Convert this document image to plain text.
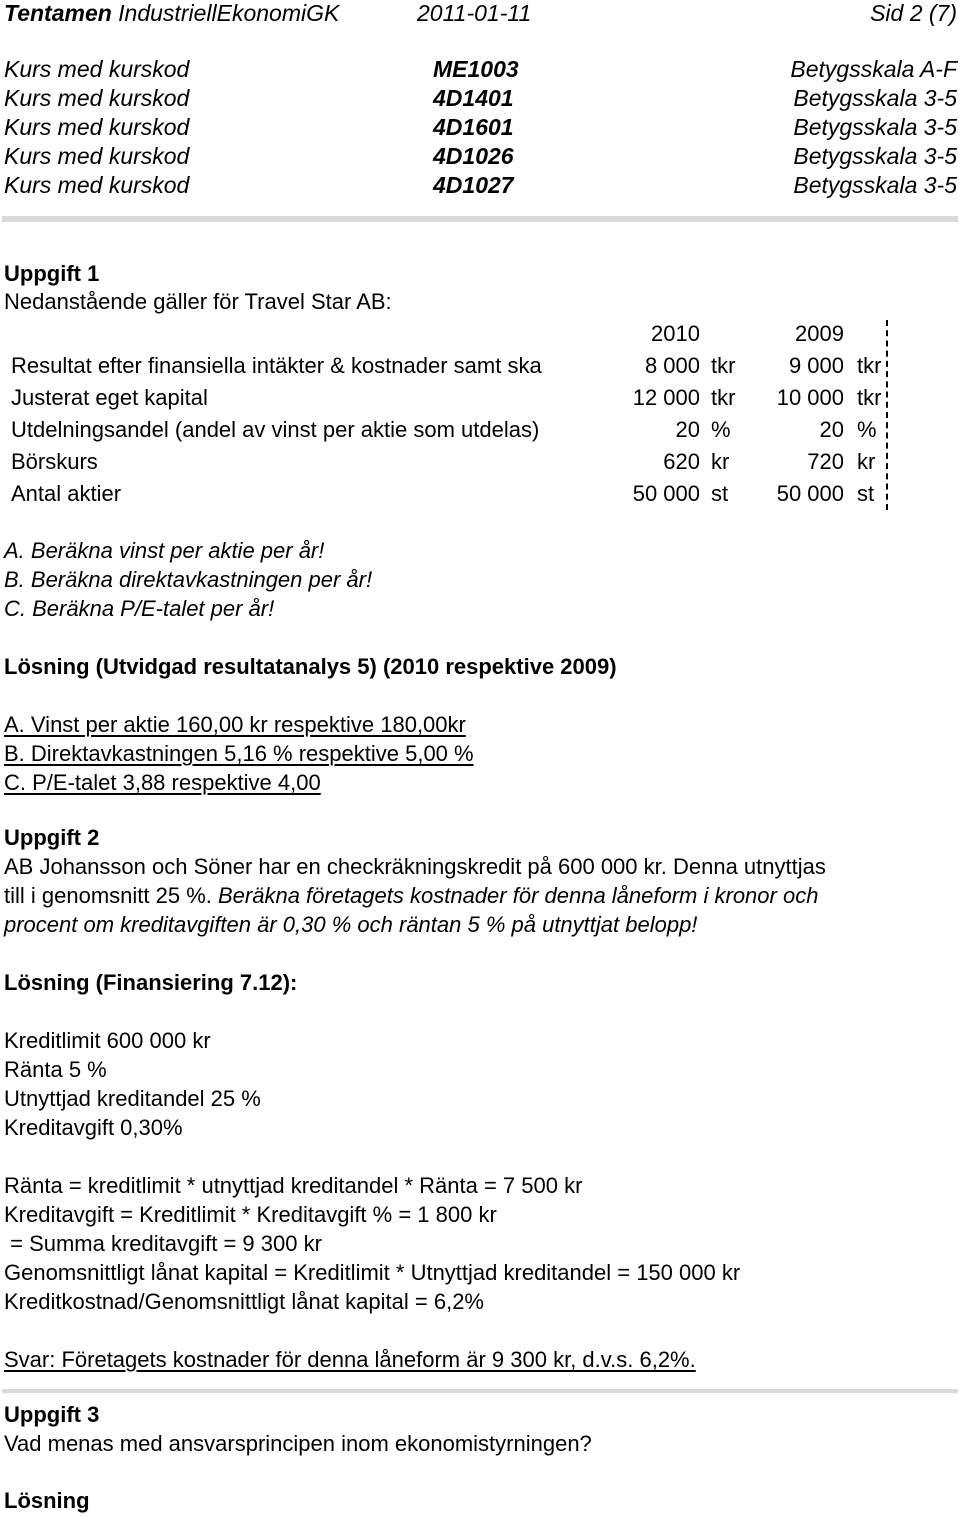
Tentamen IndustriellEkonomiGK	2011-01-11	Sid 2 (7)
Kurs med kurskod	ME1003	Betygsskala A-F
Kurs med kurskod	4D1401	Betygsskala 3-5
Kurs med kurskod	4D1601	Betygsskala 3-5
Kurs med kurskod	4D1026	Betygsskala 3-5
Kurs med kurskod	4D1027	Betygsskala 3-5
Uppgift 1
Nedanstående gäller för Travel Star AB:
2010	2009
Resultat efter finansiella intäkter & kostnader samt ska	8 000 tkr 9 000 tkr
Justerat eget kapital	12 000 tkr 10 000 tkr
Utdelningsandel (andel av vinst per aktie som utdelas)	20 %	20 %
Börskurs	620 kr	720 kr
Antal aktier	50 000 st 50 000 st
A. Beräkna vinst per aktie per år!
B. Beräkna direktavkastningen per år!
C. Beräkna P/E-talet per år!
Lösning (Utvidgad resultatanalys 5) (2010 respektive 2009)
A. Vinst per aktie 160,00 kr respektive 180,00kr
B. Direktavkastningen 5,16 % respektive 5,00 %
C. P/E-talet 3,88 respektive 4,00
Uppgift 2
AB Johansson och Söner har en checkräkningskredit på 600 000 kr. Denna utnyttjas
till i genomsnitt 25 %. Beräkna företagets kostnader för denna låneform i kronor och
procent om kreditavgiften är 0,30 % och räntan 5 % på utnyttjat belopp!
Lösning (Finansiering 7.12):
Kreditlimit 600 000 kr
Ränta 5 %
Utnyttjad kreditandel 25 %
Kreditavgift 0,30%
Ränta = kreditlimit * utnyttjad kreditandel * Ränta = 7 500 kr
Kreditavgift = Kreditlimit * Kreditavgift % = 1 800 kr
= Summa kreditavgift = 9 300 kr
Genomsnittligt lånat kapital = Kreditlimit * Utnyttjad kreditandel = 150 000 kr
Kreditkostnad/Genomsnittligt lånat kapital = 6,2%
Svar: Företagets kostnader för denna låneform är 9 300 kr, d.v.s. 6,2%.
Uppgift 3
Vad menas med ansvarsprincipen inom ekonomistyrningen?
Lösning
